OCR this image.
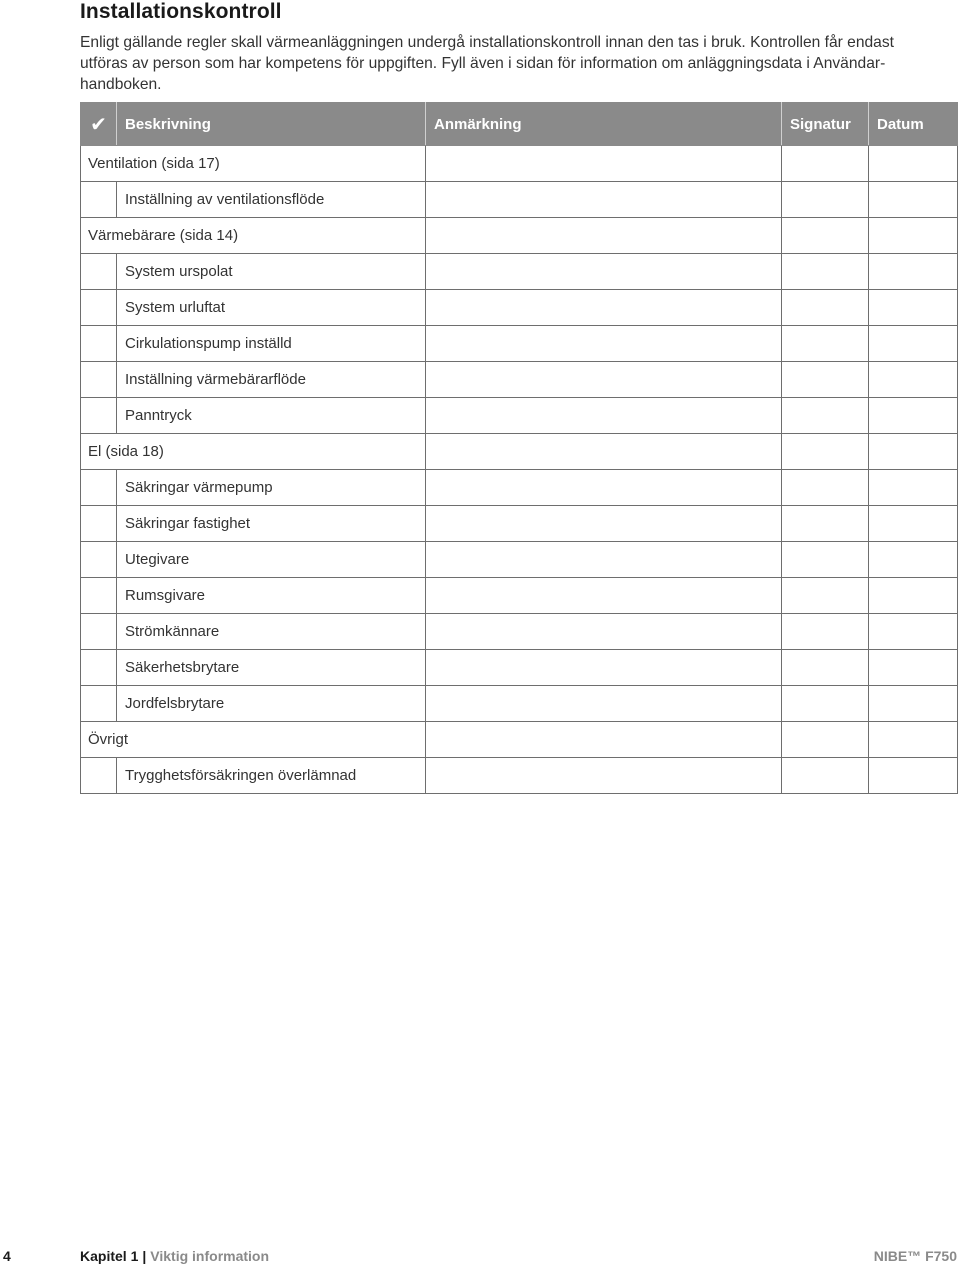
Installationskontroll
Enligt gällande regler skall värmeanläggningen undergå installationskontroll innan den tas i bruk. Kontrollen får endast
utföras av person som har kompetens för uppgiften. Fyll även i sidan för information om anläggningsdata i Användar-
handboken.
✔	Beskrivning	Anmärkning	Signatur	Datum
Ventilation (sida 17)				
	Inställning av ventilationsflöde			
Värmebärare (sida 14)				
	System urspolat			
	System urluftat			
	Cirkulationspump inställd			
	Inställning värmebärarflöde			
	Panntryck			
El (sida 18)				
	Säkringar värmepump			
	Säkringar fastighet			
	Utegivare			
	Rumsgivare			
	Strömkännare			
	Säkerhetsbrytare			
	Jordfelsbrytare			
Övrigt				
	Trygghetsförsäkringen överlämnad			
4	Kapitel 1 | Viktig information	NIBE™ F750
